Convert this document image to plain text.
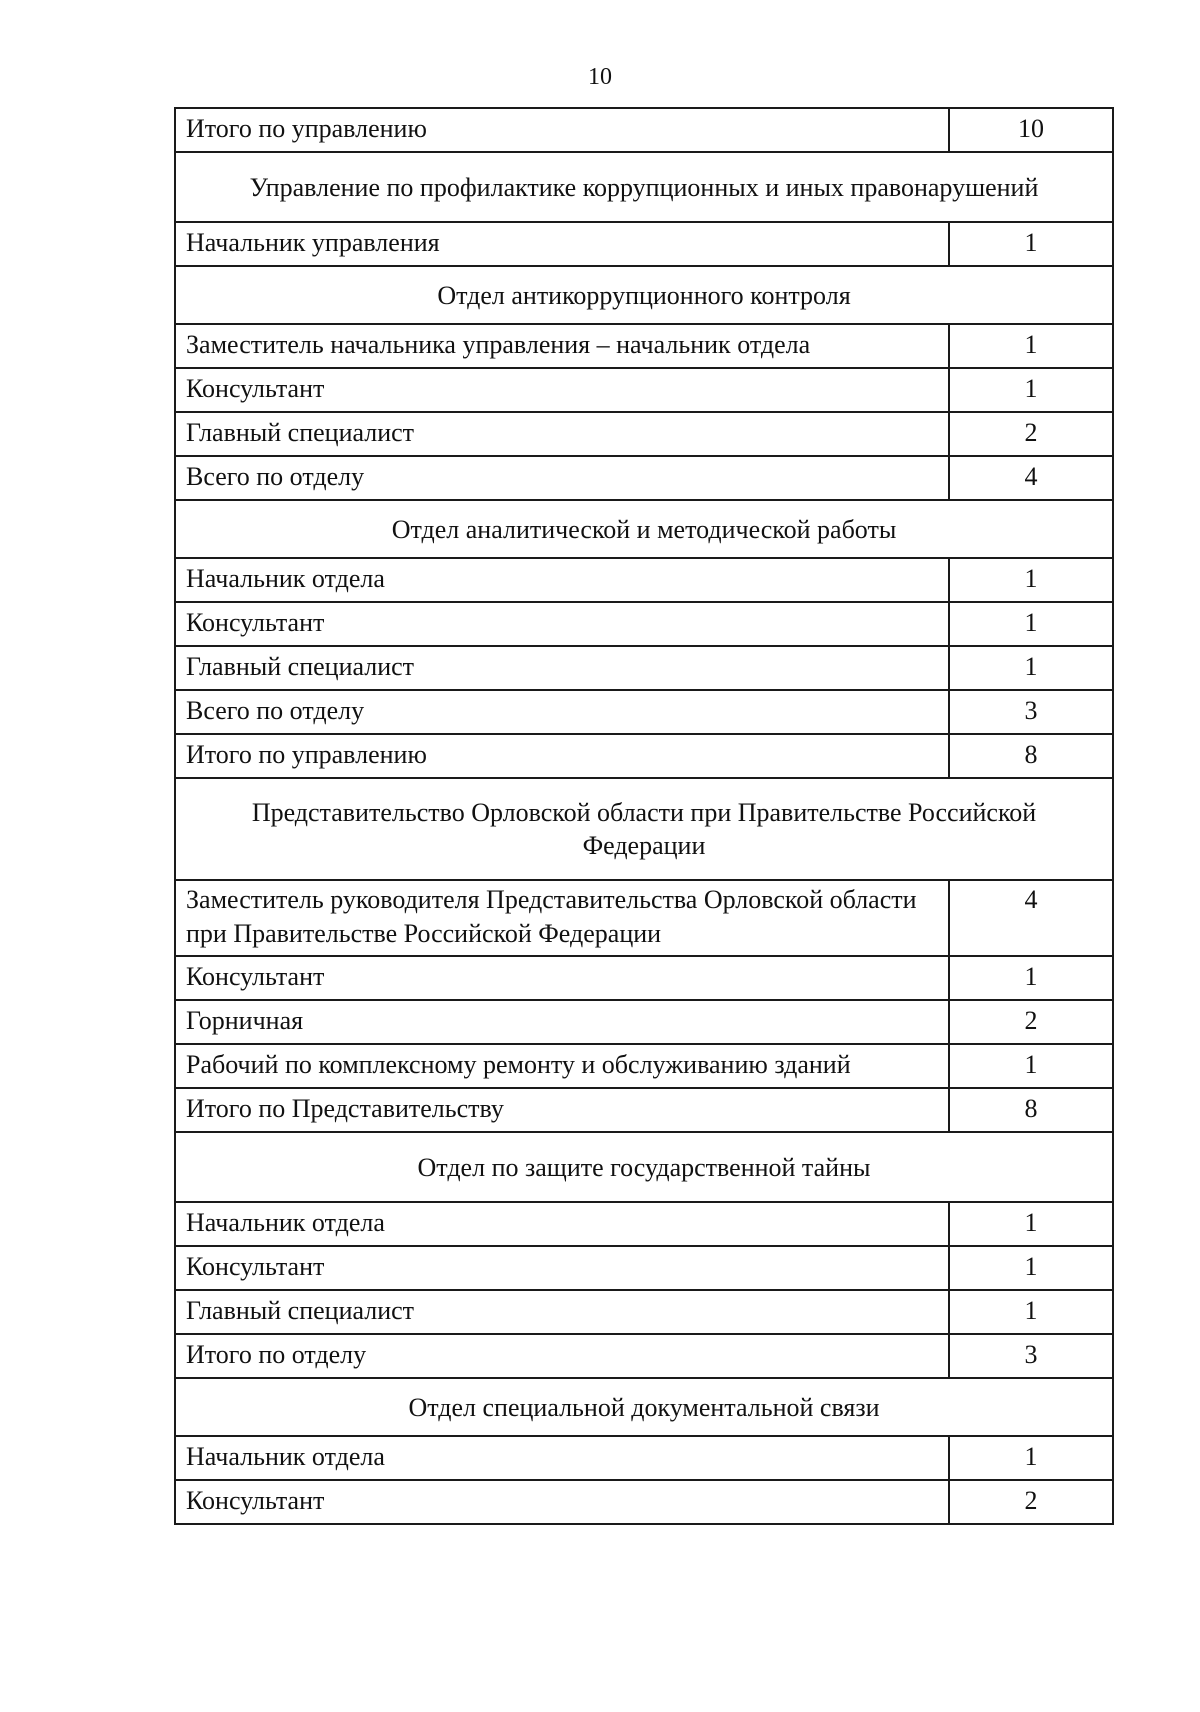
10
Итого по управлению	10
Управление по профилактике коррупционных и иных правонарушений	
Начальник управления	1
Отдел антикоррупционного контроля	
Заместитель начальника управления – начальник отдела	1
Консультант	1
Главный специалист	2
Всего по отделу	4
Отдел аналитической и методической работы	
Начальник отдела	1
Консультант	1
Главный специалист	1
Всего по отделу	3
Итого по управлению	8
Представительство Орловской области при Правительстве Российской Федерации	
Заместитель руководителя Представительства Орловской области при Правительстве Российской Федерации	4
Консультант	1
Горничная	2
Рабочий по комплексному ремонту и обслуживанию зданий	1
Итого по Представительству	8
Отдел по защите государственной тайны	
Начальник отдела	1
Консультант	1
Главный специалист	1
Итого по отделу	3
Отдел специальной документальной связи	
Начальник отдела	1
Консультант	2
